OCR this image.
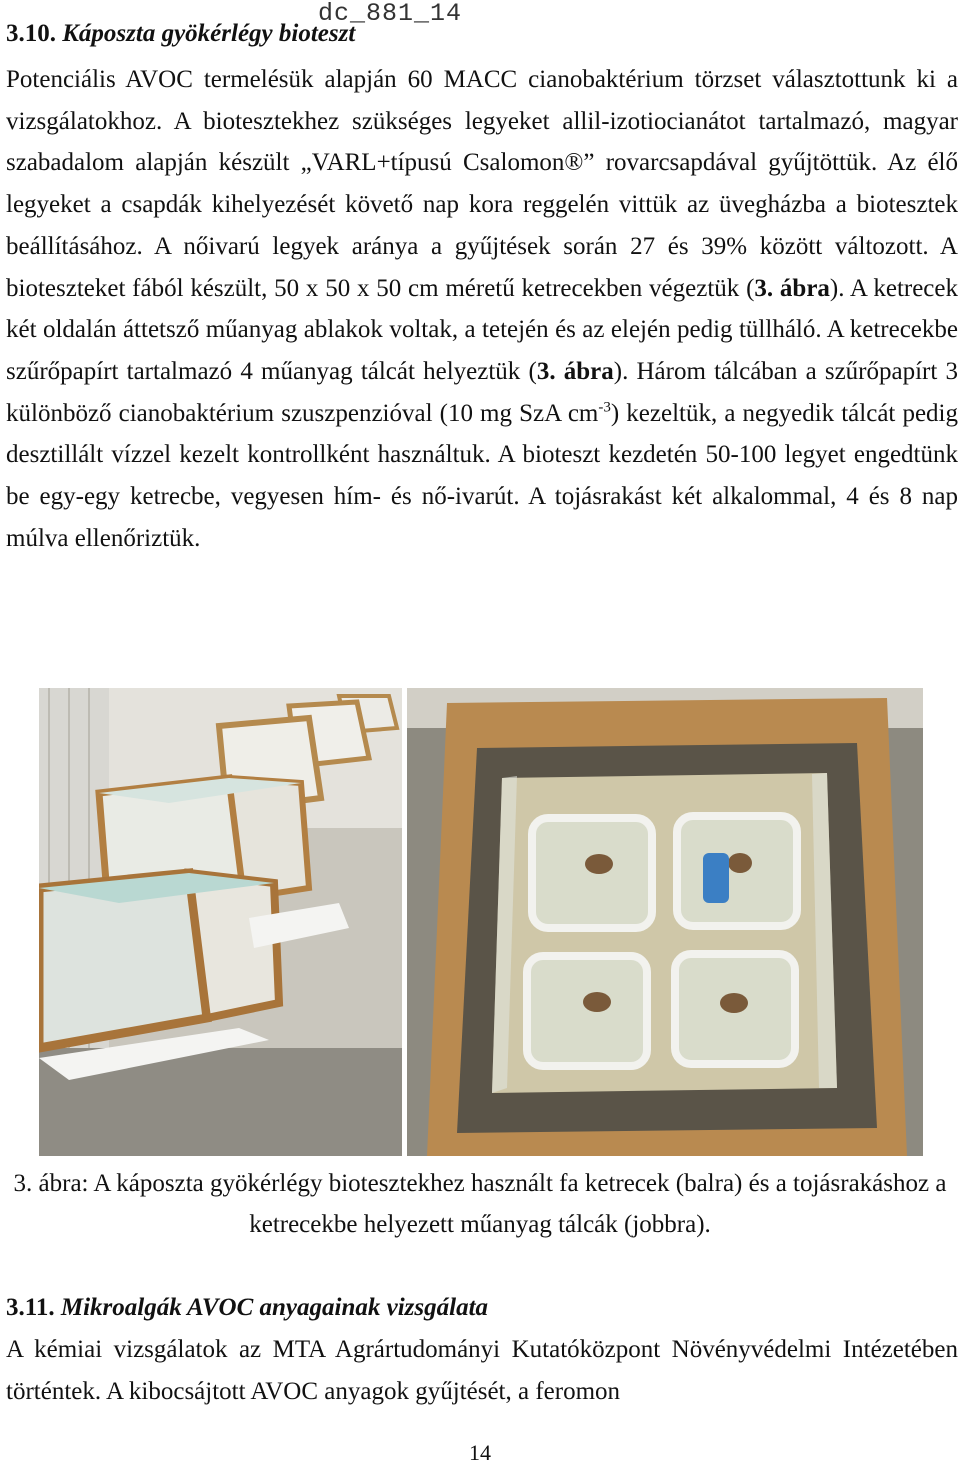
dc_881_14
3.10. Káposzta gyökérlégy bioteszt

Potenciális AVOC termelésük alapján 60 MACC cianobaktérium törzset választottunk ki a vizsgálatokhoz. A biotesztekhez szükséges legyeket allil-izotiocianátot tartalmazó, magyar szabadalom alapján készült „VARL+típusú Csalomon®” rovarcsapdával gyűjtöttük. Az élő legyeket a csapdák kihelyezését követő nap kora reggelén vittük az üvegházba a biotesztek beállításához. A nőivarú legyek aránya a gyűjtések során 27 és 39% között változott. A bioteszteket fából készült, 50 x 50 x 50 cm méretű ketrecekben végeztük (3. ábra). A ketrecek két oldalán áttetsző műanyag ablakok voltak, a tetején és az elején pedig tüllháló. A ketrecekbe szűrőpapírt tartalmazó 4 műanyag tálcát helyeztük (3. ábra). Három tálcában a szűrőpapírt 3 különböző cianobaktérium szuszpenzióval (10 mg SzA $cm^{-3}$) kezeltük, a negyedik tálcát pedig desztillált vízzel kezelt kontrollként használtuk. A bioteszt kezdetén 50-100 legyet engedtünk be egy-egy ketrecbe, vegyesen hím- és nő-ivarút. A tojásrakást két alkalommal, 4 és 8 nap múlva ellenőriztük.

3. ábra: A káposzta gyökérlégy biotesztekhez használt fa ketrecek (balra) és a tojásrakáshoz a ketrecekbe helyezett műanyag tálcák (jobbra).

3.11. Mikroalgák AVOC anyagainak vizsgálata

A kémiai vizsgálatok az MTA Agrártudományi Kutatóközpont Növényvédelmi Intézetében történtek. A kibocsájtott AVOC anyagok gyűjtését, a feromon

14
